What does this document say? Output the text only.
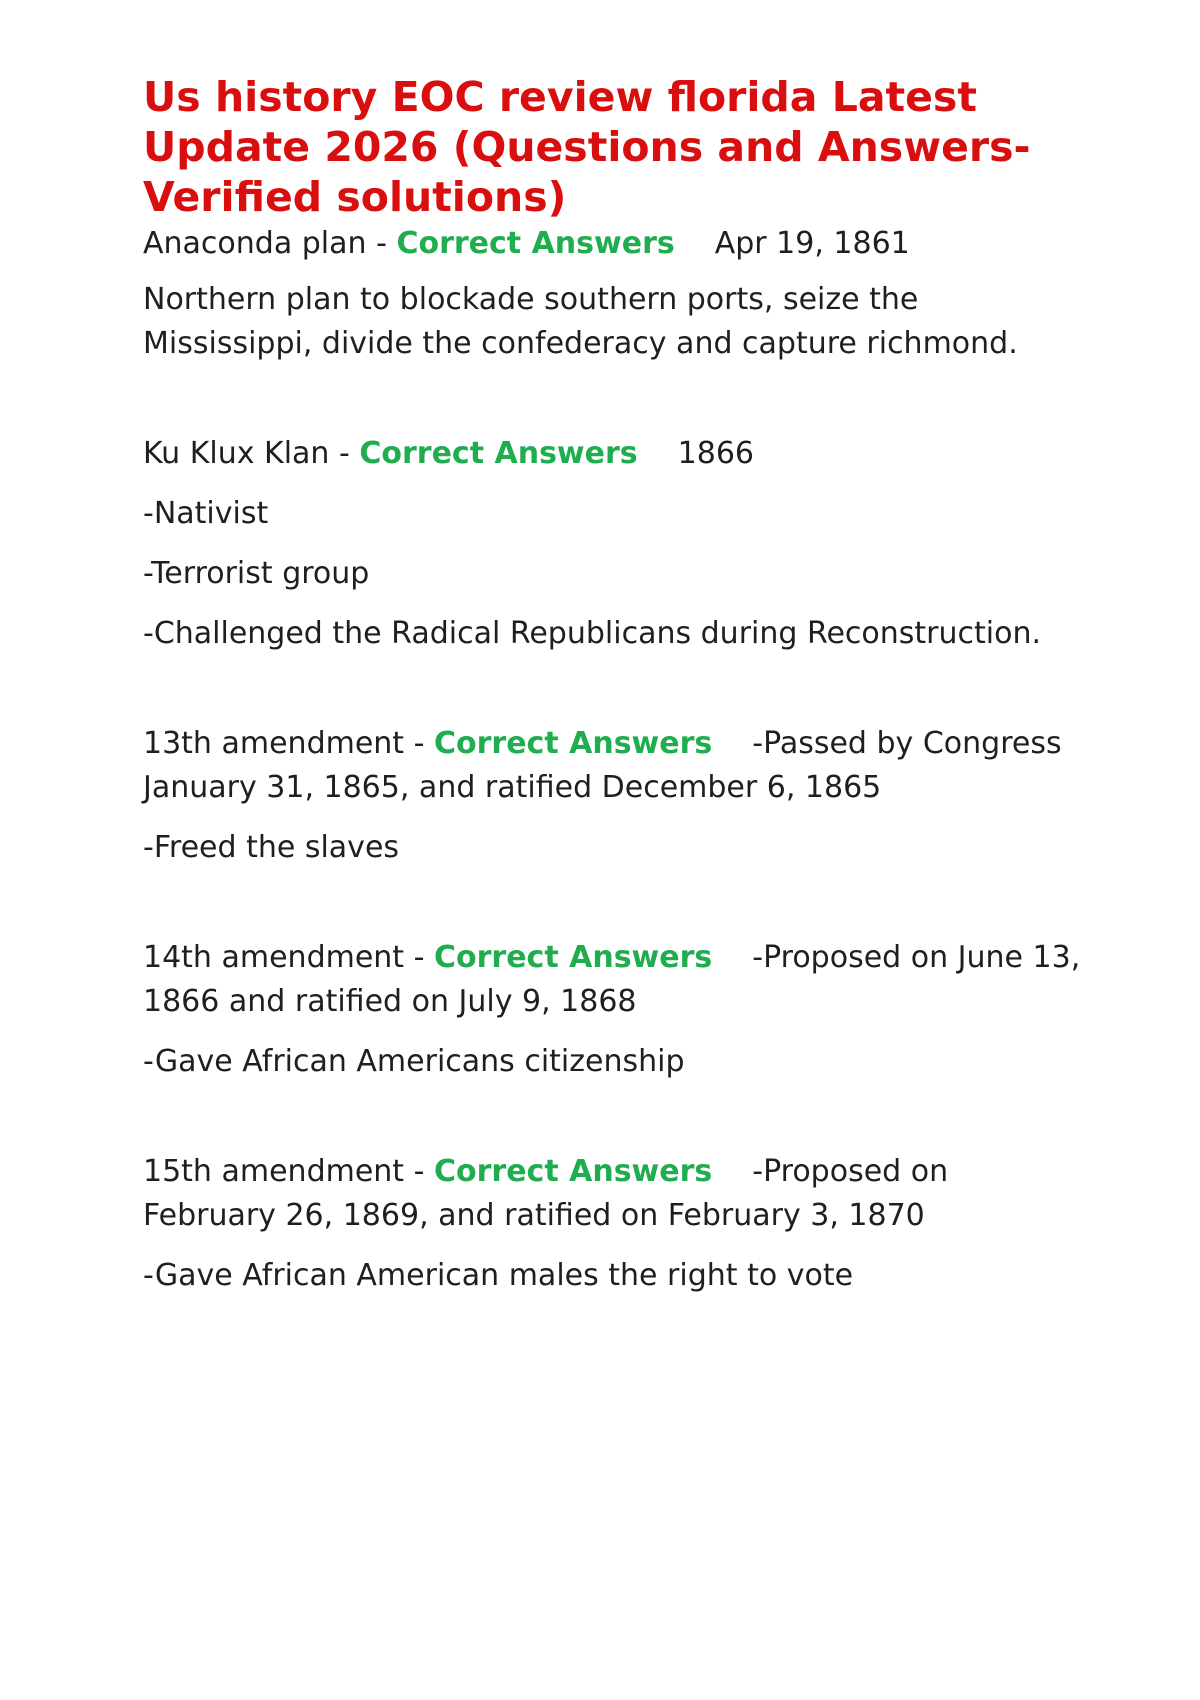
Us history EOC review florida Latest Update 2026 (Questions and Answers-Verified solutions)

Anaconda plan - Correct Answers Apr 19, 1861

Northern plan to blockade southern ports, seize the Mississippi, divide the confederacy and capture richmond.

Ku Klux Klan - Correct Answers 1866

-Nativist

-Terrorist group

-Challenged the Radical Republicans during Reconstruction.

13th amendment - Correct Answers -Passed by Congress January 31, 1865, and ratified December 6, 1865

-Freed the slaves

14th amendment - Correct Answers -Proposed on June 13, 1866 and ratified on July 9, 1868

-Gave African Americans citizenship

15th amendment - Correct Answers -Proposed on February 26, 1869, and ratified on February 3, 1870

-Gave African American males the right to vote
